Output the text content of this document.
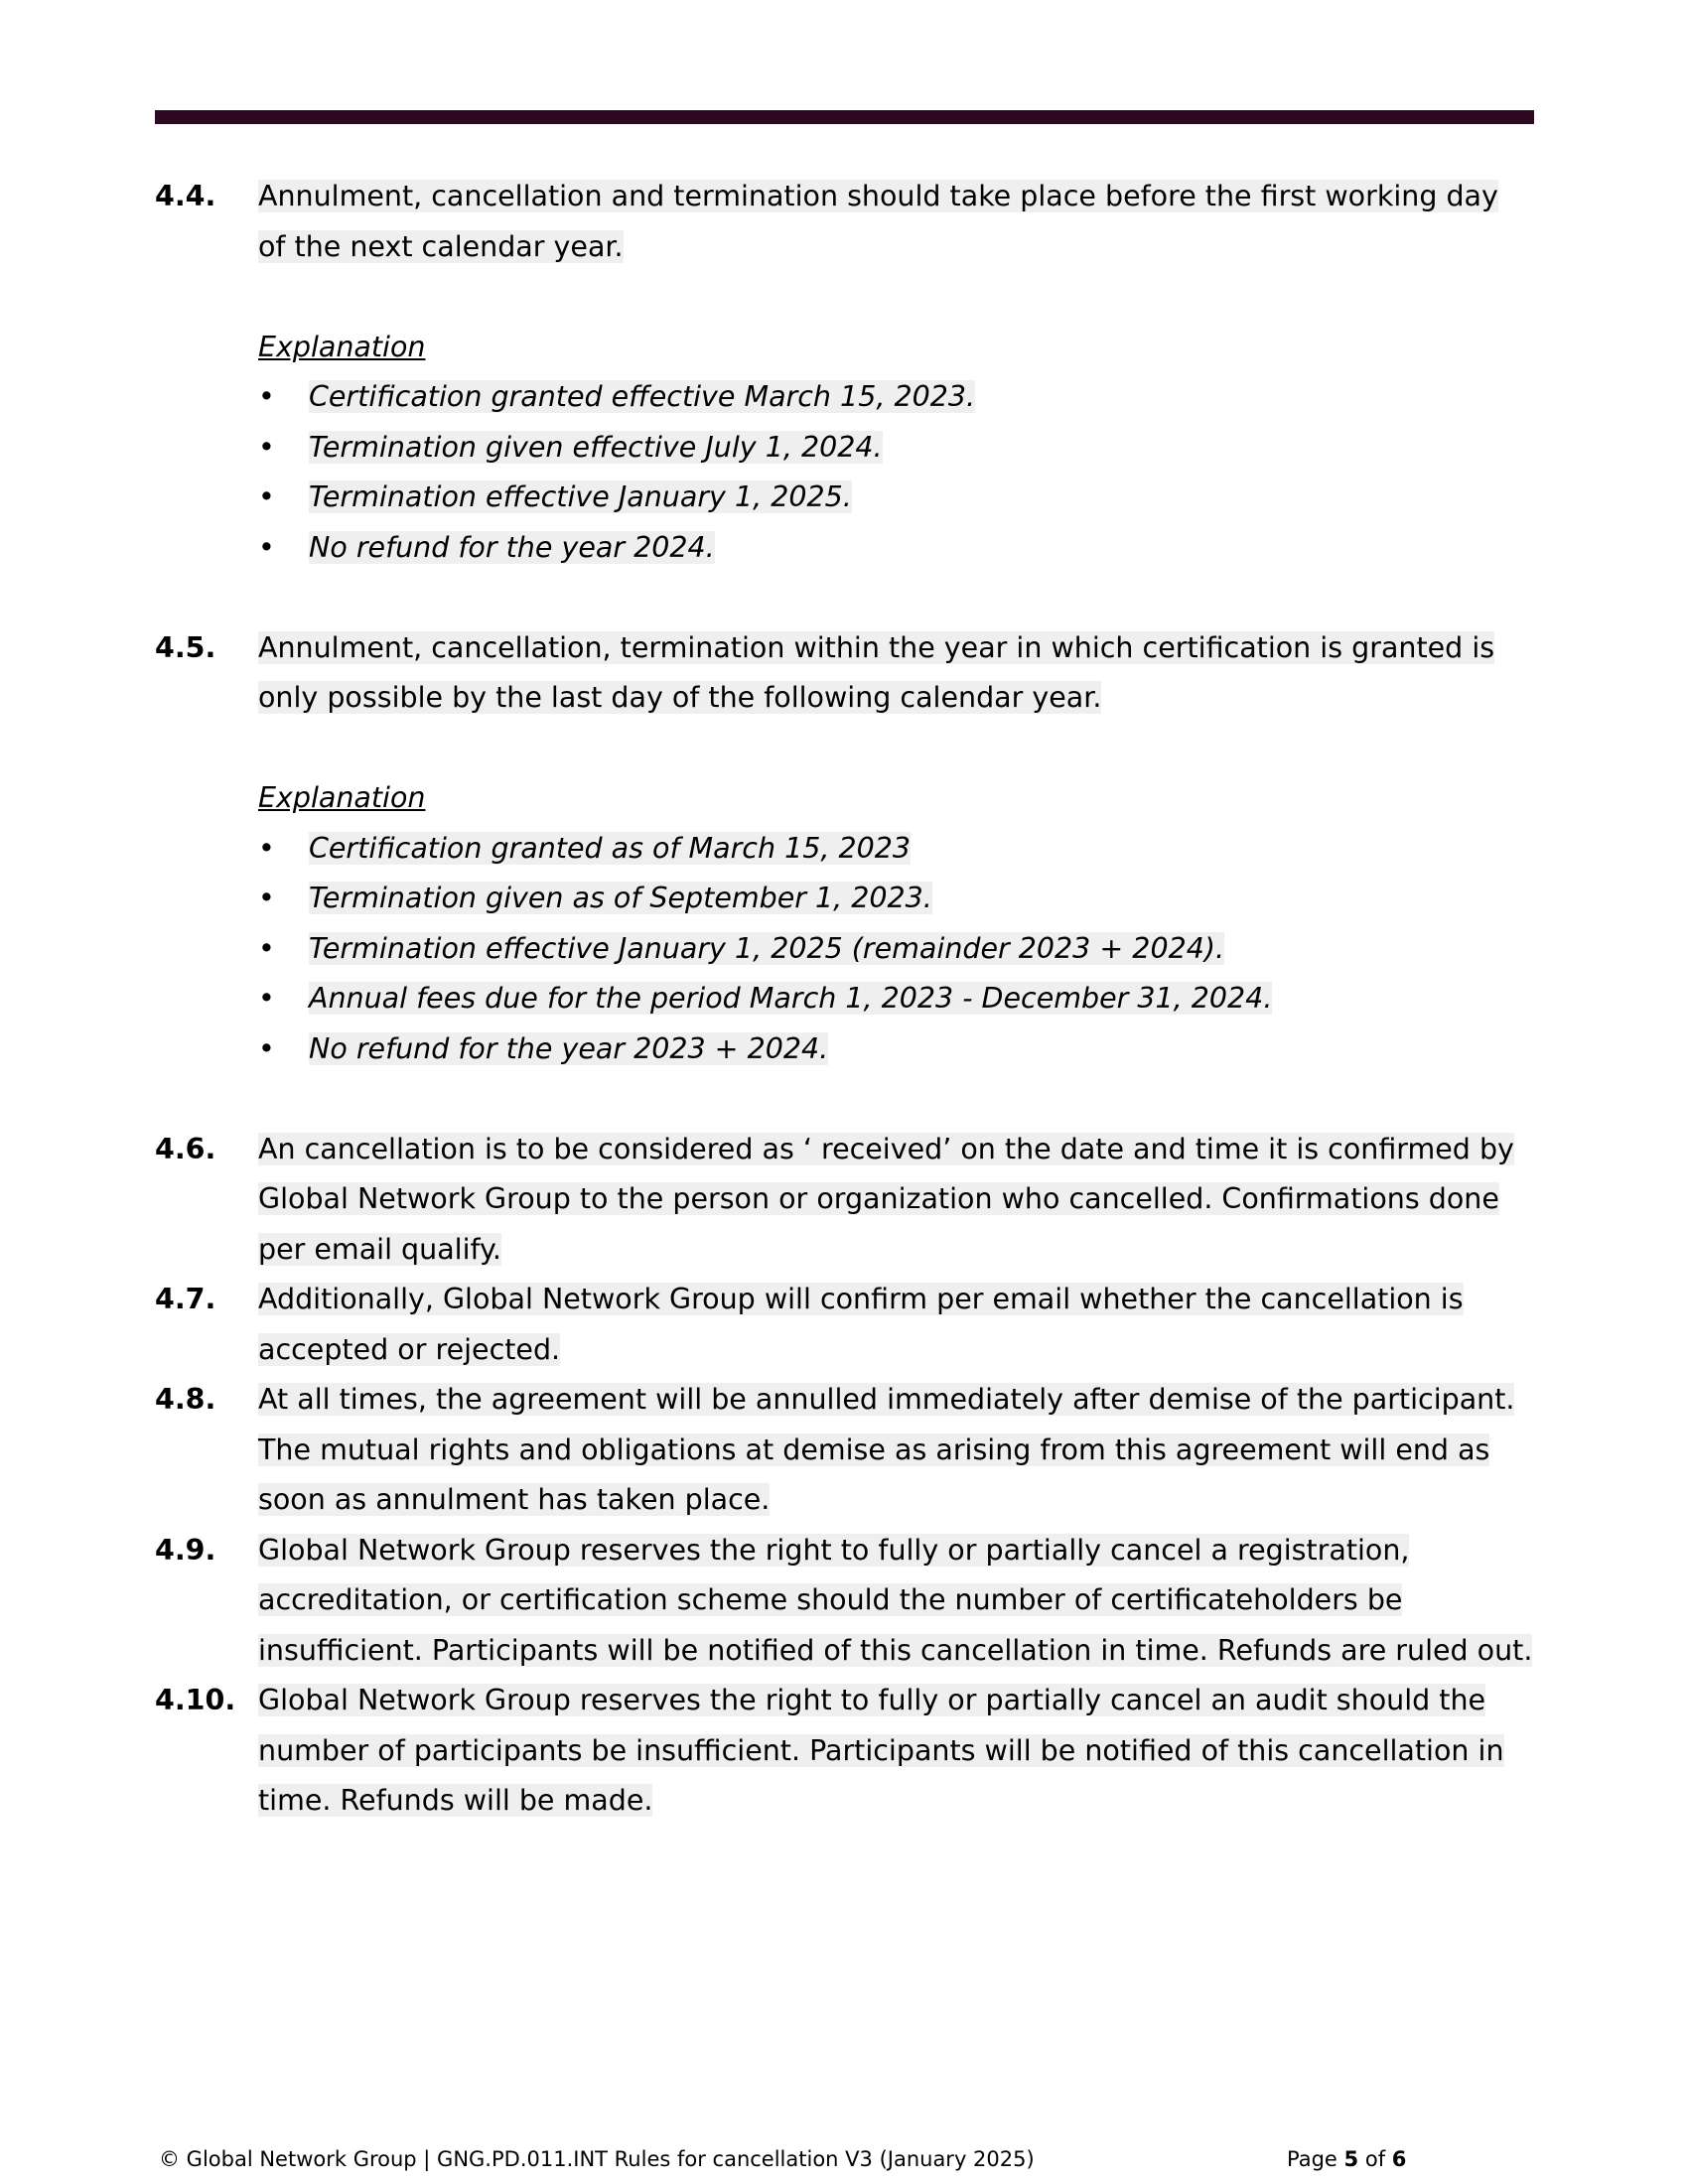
4.4. Annulment, cancellation and termination should take place before the first working day of the next calendar year.
Explanation
• Certification granted effective March 15, 2023.
• Termination given effective July 1, 2024.
• Termination effective January 1, 2025.
• No refund for the year 2024.
4.5. Annulment, cancellation, termination within the year in which certification is granted is only possible by the last day of the following calendar year.
Explanation
• Certification granted as of March 15, 2023
• Termination given as of September 1, 2023.
• Termination effective January 1, 2025 (remainder 2023 + 2024).
• Annual fees due for the period March 1, 2023 - December 31, 2024.
• No refund for the year 2023 + 2024.
4.6. An cancellation is to be considered as ‘ received’ on the date and time it is confirmed by Global Network Group to the person or organization who cancelled. Confirmations done per email qualify.
4.7. Additionally, Global Network Group will confirm per email whether the cancellation is accepted or rejected.
4.8. At all times, the agreement will be annulled immediately after demise of the participant. The mutual rights and obligations at demise as arising from this agreement will end as soon as annulment has taken place.
4.9. Global Network Group reserves the right to fully or partially cancel a registration, accreditation, or certification scheme should the number of certificateholders be insufficient. Participants will be notified of this cancellation in time. Refunds are ruled out.
4.10. Global Network Group reserves the right to fully or partially cancel an audit should the number of participants be insufficient. Participants will be notified of this cancellation in time. Refunds will be made.
© Global Network Group | GNG.PD.011.INT Rules for cancellation V3 (January 2025)	Page 5 of 6
